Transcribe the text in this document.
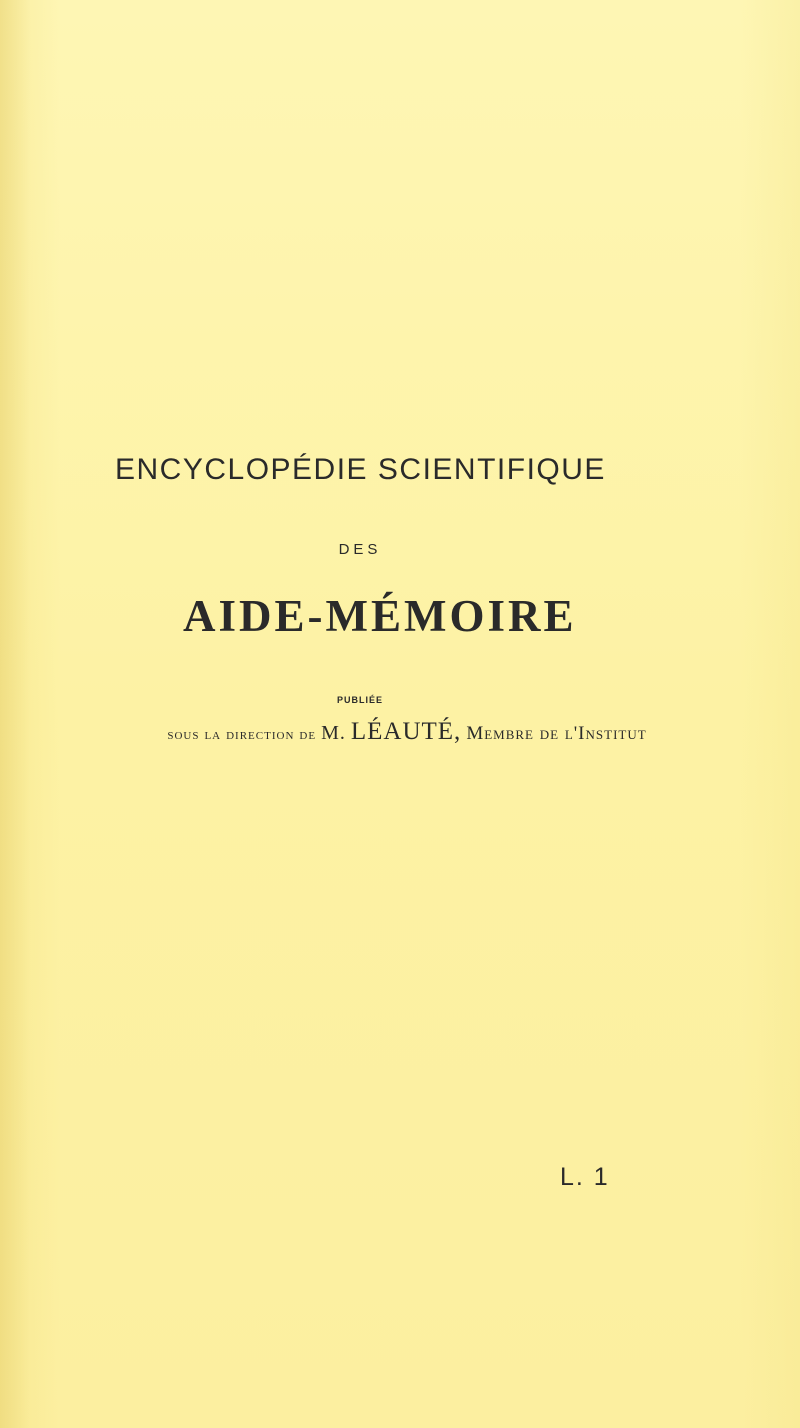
ENCYCLOPÉDIE SCIENTIFIQUE
DES
AIDE-MÉMOIRE
PUBLIÉE
sous la direction de M. LÉAUTÉ, Membre de l'Institut
L. 1
